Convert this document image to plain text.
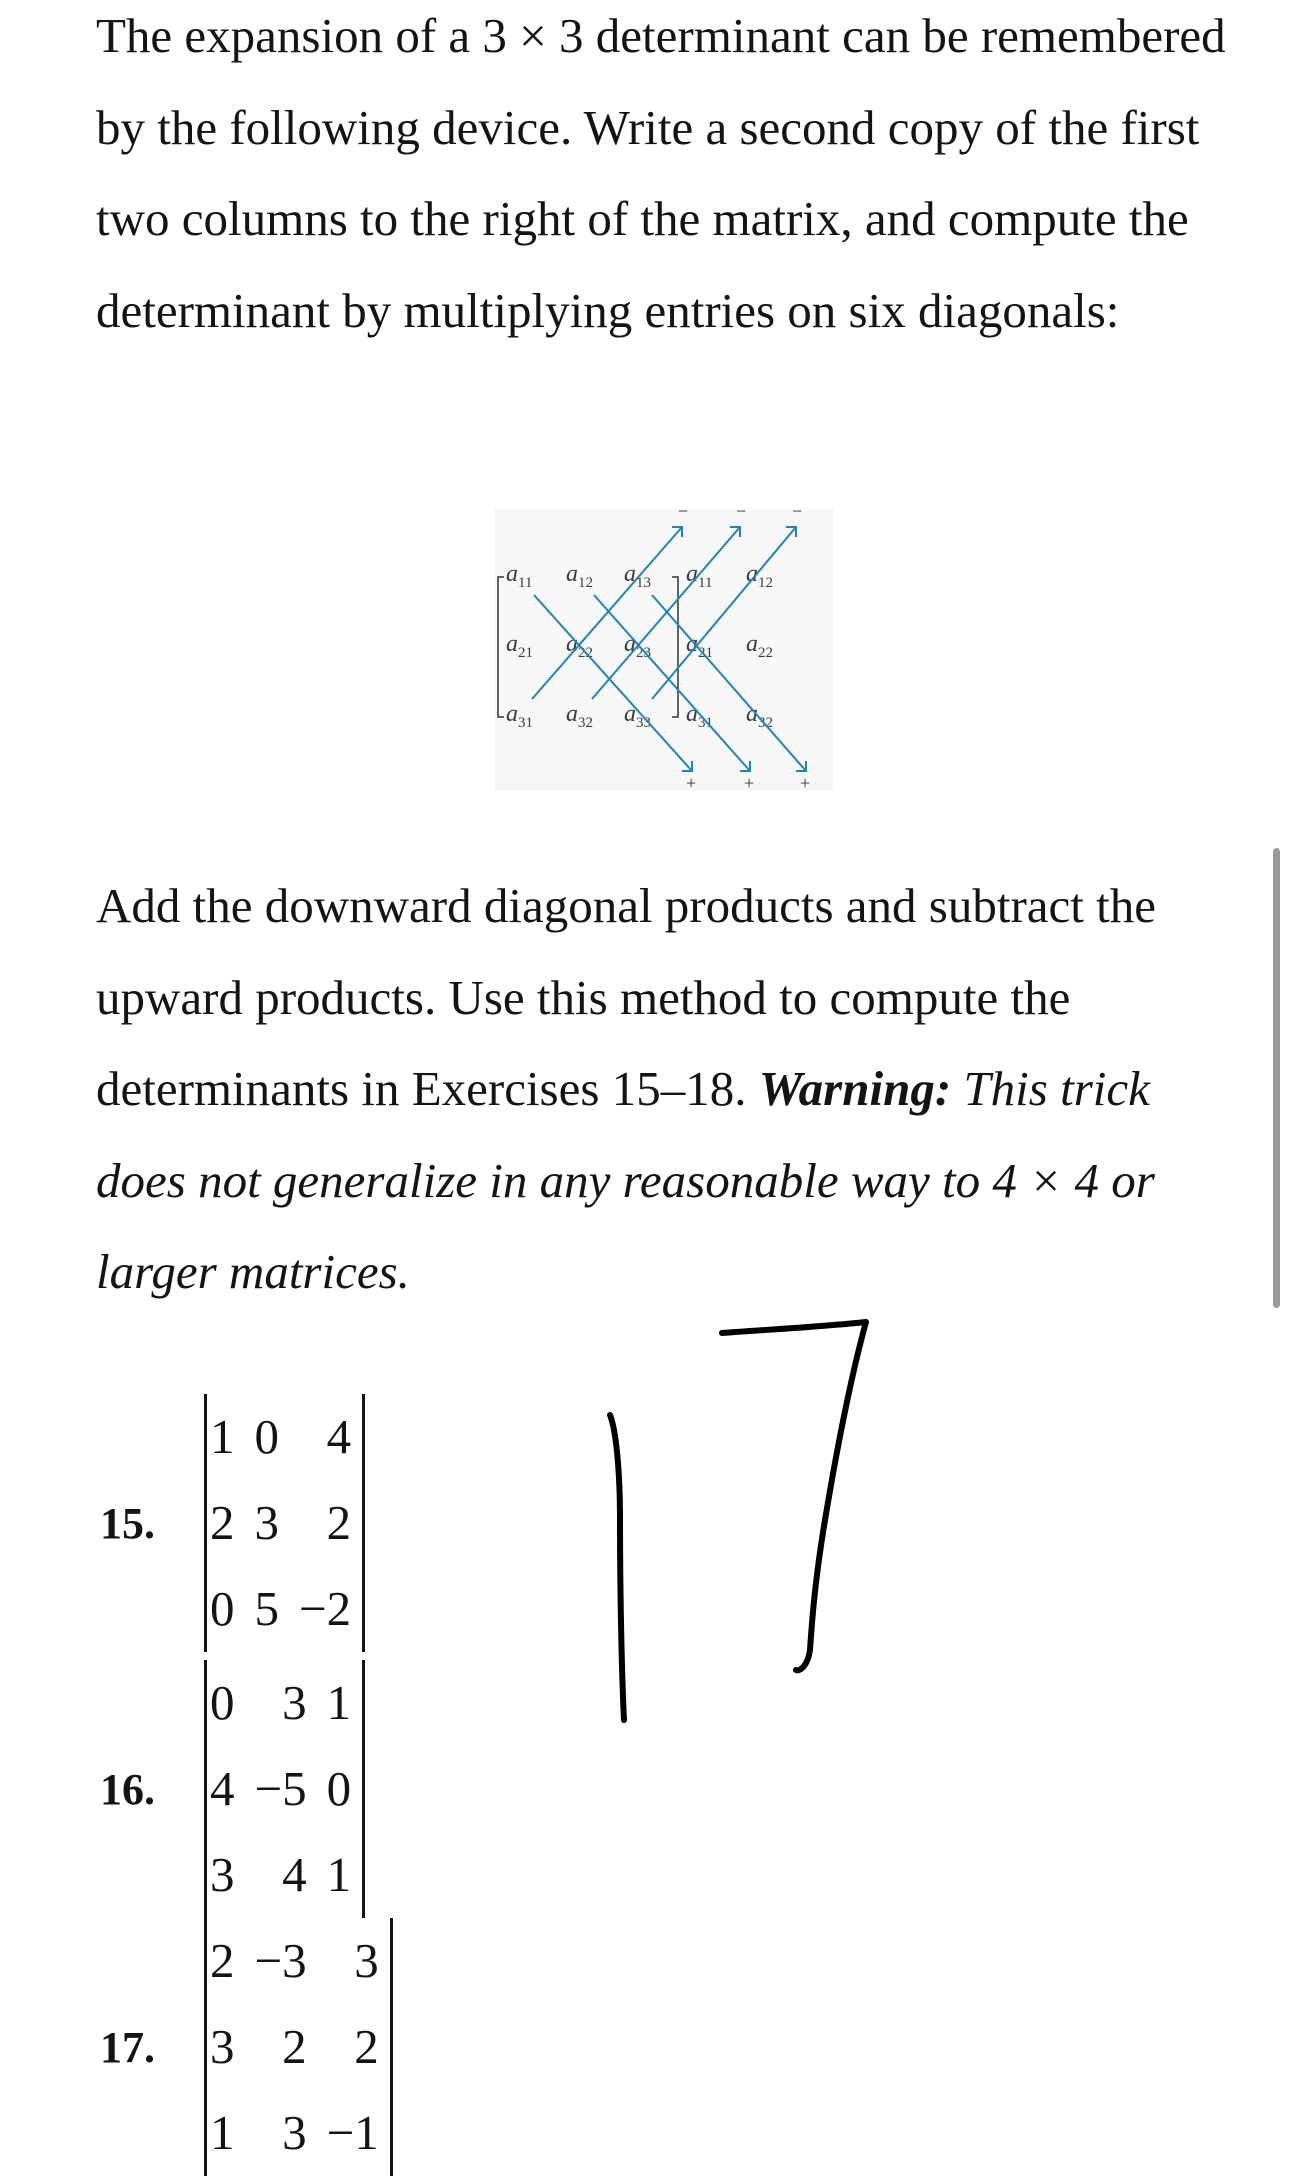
The expansion of a 3 × 3 determinant can be remembered by the following device. Write a second copy of the first two columns to the right of the matrix, and compute the determinant by multiplying entries on six diagonals:

a11 a12 a13 a11 a12
a21 a22 a23 a21 a22
a31 a32 a33 a31 a32
−	−	−
+	+	+

Add the downward diagonal products and subtract the upward products. Use this method to compute the determinants in Exercises 15–18. Warning: This trick does not generalize in any reasonable way to 4 × 4 or larger matrices.

15.
1	0	4
2	3	2
0	5	−2
16.
0	3	1
4	−5	0
3	4	1
17.
2	−3	3
3	2	2
1	3	−1
